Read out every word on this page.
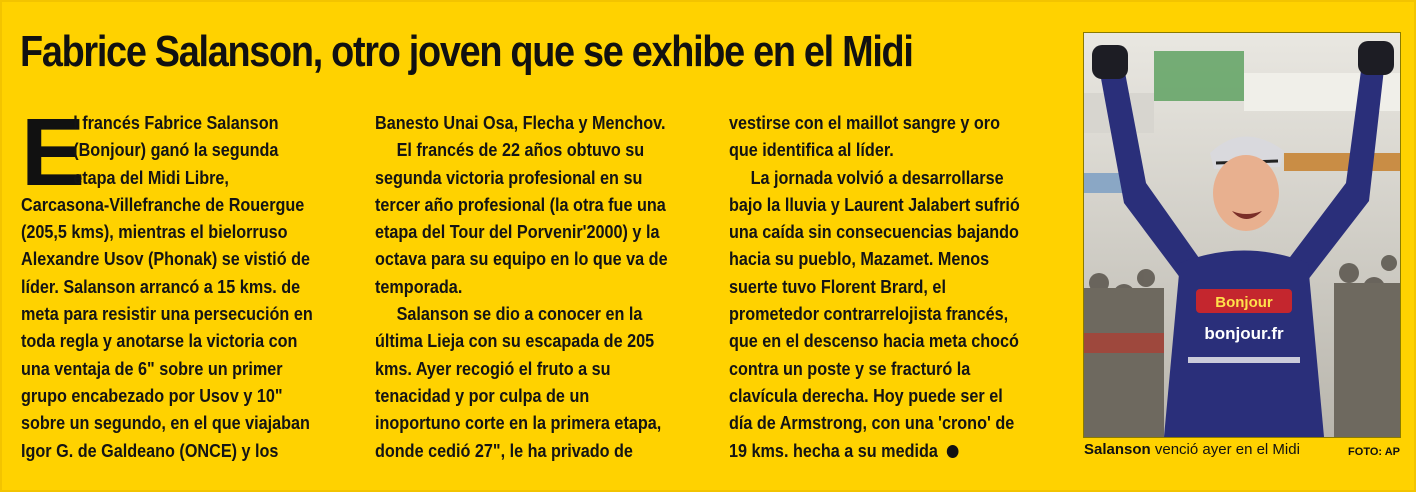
Fabrice Salanson, otro joven que se exhibe en el Midi
E
l francés Fabrice Salanson
(Bonjour) ganó la segunda
etapa del Midi Libre,
Carcasona-Villefranche de Rouergue
(205,5 kms), mientras el bielorruso
Alexandre Usov (Phonak) se vistió de
líder. Salanson arrancó a 15 kms. de
meta para resistir una persecución en
toda regla y anotarse la victoria con
una ventaja de 6" sobre un primer
grupo encabezado por Usov y 10"
sobre un segundo, en el que viajaban
Igor G. de Galdeano (ONCE) y los
Banesto Unai Osa, Flecha y Menchov.
El francés de 22 años obtuvo su
segunda victoria profesional en su
tercer año profesional (la otra fue una
etapa del Tour del Porvenir'2000) y la
octava para su equipo en lo que va de
temporada.
Salanson se dio a conocer en la
última Lieja con su escapada de 205
kms. Ayer recogió el fruto a su
tenacidad y por culpa de un
inoportuno corte en la primera etapa,
donde cedió 27", le ha privado de
vestirse con el maillot sangre y oro
que identifica al líder.
La jornada volvió a desarrollarse
bajo la lluvia y Laurent Jalabert sufrió
una caída sin consecuencias bajando
hacia su pueblo, Mazamet. Menos
suerte tuvo Florent Brard, el
prometedor contrarrelojista francés,
que en el descenso hacia meta chocó
contra un poste y se fracturó la
clavícula derecha. Hoy puede ser el
día de Armstrong, con una 'crono' de
19 kms. hecha a su medida
Bonjour
bonjour.fr
Salanson venció ayer en el Midi	FOTO: AP
